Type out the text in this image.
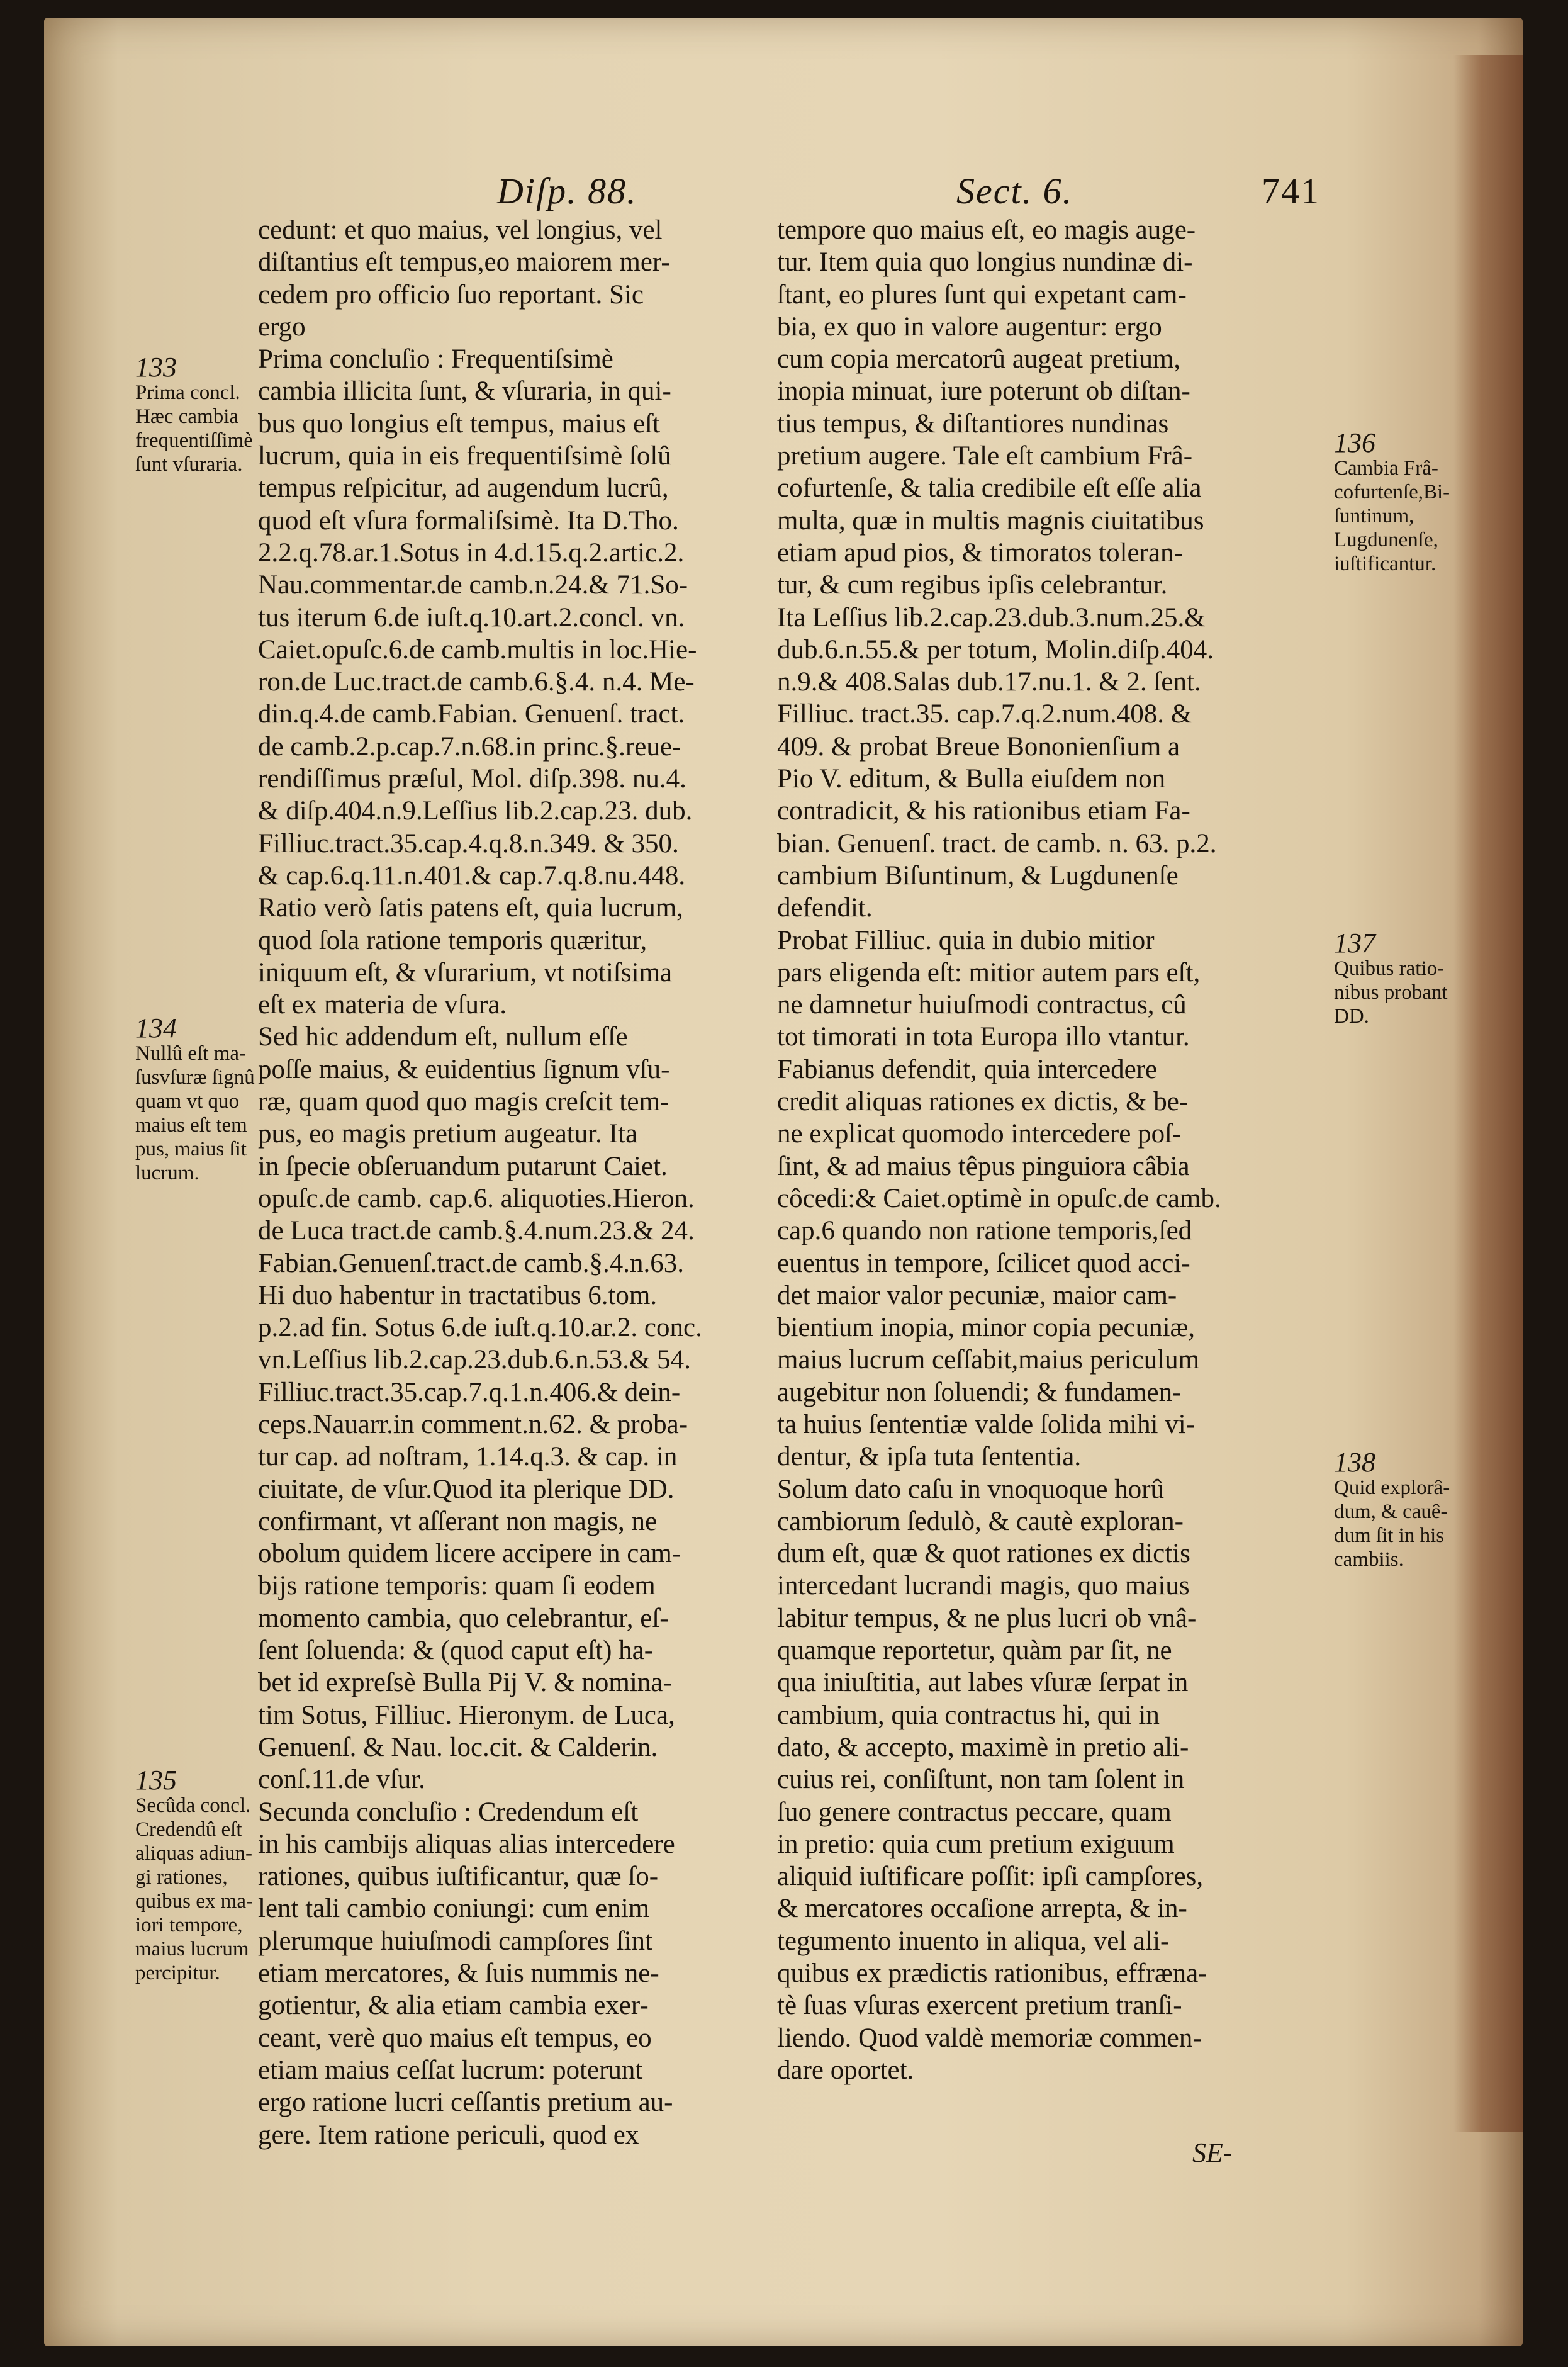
Diſp. 88.	Sect. 6.	741
cedunt: et quo maius, vel longius, vel
diſtantius eſt tempus,eo maiorem mer-
cedem pro officio ſuo reportant. Sic
ergo
Prima concluſio : Frequentiſsimè
cambia illicita ſunt, & vſuraria, in qui-
bus quo longius eſt tempus, maius eſt
lucrum, quia in eis frequentiſsimè ſolû
tempus reſpicitur, ad augendum lucrû,
quod eſt vſura formaliſsimè. Ita D.Tho.
2.2.q.78.ar.1.Sotus in 4.d.15.q.2.artic.2.
Nau.commentar.de camb.n.24.& 71.So-
tus iterum 6.de iuſt.q.10.art.2.concl. vn.
Caiet.opuſc.6.de camb.multis in loc.Hie-
ron.de Luc.tract.de camb.6.§.4. n.4. Me-
din.q.4.de camb.Fabian. Genuenſ. tract.
de camb.2.p.cap.7.n.68.in princ.§.reue-
rendiſſimus præſul, Mol. diſp.398. nu.4.
& diſp.404.n.9.Leſſius lib.2.cap.23. dub.
Filliuc.tract.35.cap.4.q.8.n.349. & 350.
& cap.6.q.11.n.401.& cap.7.q.8.nu.448.
Ratio verò ſatis patens eſt, quia lucrum,
quod ſola ratione temporis quæritur,
iniquum eſt, & vſurarium, vt notiſsima
eſt ex materia de vſura.
Sed hic addendum eſt, nullum eſſe
poſſe maius, & euidentius ſignum vſu-
ræ, quam quod quo magis creſcit tem-
pus, eo magis pretium augeatur. Ita
in ſpecie obſeruandum putarunt Caiet.
opuſc.de camb. cap.6. aliquoties.Hieron.
de Luca tract.de camb.§.4.num.23.& 24.
Fabian.Genuenſ.tract.de camb.§.4.n.63.
Hi duo habentur in tractatibus 6.tom.
p.2.ad fin. Sotus 6.de iuſt.q.10.ar.2. conc.
vn.Leſſius lib.2.cap.23.dub.6.n.53.& 54.
Filliuc.tract.35.cap.7.q.1.n.406.& dein-
ceps.Nauarr.in comment.n.62. & proba-
tur cap. ad noſtram, 1.14.q.3. & cap. in
ciuitate, de vſur.Quod ita plerique DD.
confirmant, vt aſſerant non magis, ne
obolum quidem licere accipere in cam-
bijs ratione temporis: quam ſi eodem
momento cambia, quo celebrantur, eſ-
ſent ſoluenda: & (quod caput eſt) ha-
bet id expreſsè Bulla Pij V. & nomina-
tim Sotus, Filliuc. Hieronym. de Luca,
Genuenſ. & Nau. loc.cit. & Calderin.
conſ.11.de vſur.
Secunda concluſio : Credendum eſt
in his cambijs aliquas alias intercedere
rationes, quibus iuſtificantur, quæ ſo-
lent tali cambio coniungi: cum enim
plerumque huiuſmodi campſores ſint
etiam mercatores, & ſuis nummis ne-
gotientur, & alia etiam cambia exer-
ceant, verè quo maius eſt tempus, eo
etiam maius ceſſat lucrum: poterunt
ergo ratione lucri ceſſantis pretium au-
gere. Item ratione periculi, quod ex
tempore quo maius eſt, eo magis auge-
tur. Item quia quo longius nundinæ di-
ſtant, eo plures ſunt qui expetant cam-
bia, ex quo in valore augentur: ergo
cum copia mercatorû augeat pretium,
inopia minuat, iure poterunt ob diſtan-
tius tempus, & diſtantiores nundinas
pretium augere. Tale eſt cambium Frâ-
cofurtenſe, & talia credibile eſt eſſe alia
multa, quæ in multis magnis ciuitatibus
etiam apud pios, & timoratos toleran-
tur, & cum regibus ipſis celebrantur.
Ita Leſſius lib.2.cap.23.dub.3.num.25.&
dub.6.n.55.& per totum, Molin.diſp.404.
n.9.& 408.Salas dub.17.nu.1. & 2. ſent.
Filliuc. tract.35. cap.7.q.2.num.408. &
409. & probat Breue Bononienſium a
Pio V. editum, & Bulla eiuſdem non
contradicit, & his rationibus etiam Fa-
bian. Genuenſ. tract. de camb. n. 63. p.2.
cambium Biſuntinum, & Lugdunenſe
defendit.
Probat Filliuc. quia in dubio mitior
pars eligenda eſt: mitior autem pars eſt,
ne damnetur huiuſmodi contractus, cû
tot timorati in tota Europa illo vtantur.
Fabianus defendit, quia intercedere
credit aliquas rationes ex dictis, & be-
ne explicat quomodo intercedere poſ-
ſint, & ad maius têpus pinguiora câbia
côcedi:& Caiet.optimè in opuſc.de camb.
cap.6 quando non ratione temporis,ſed
euentus in tempore, ſcilicet quod acci-
det maior valor pecuniæ, maior cam-
bientium inopia, minor copia pecuniæ,
maius lucrum ceſſabit,maius periculum
augebitur non ſoluendi; & fundamen-
ta huius ſententiæ valde ſolida mihi vi-
dentur, & ipſa tuta ſententia.
Solum dato caſu in vnoquoque horû
cambiorum ſedulò, & cautè exploran-
dum eſt, quæ & quot rationes ex dictis
intercedant lucrandi magis, quo maius
labitur tempus, & ne plus lucri ob vnâ-
quamque reportetur, quàm par ſit, ne
qua iniuſtitia, aut labes vſuræ ſerpat in
cambium, quia contractus hi, qui in
dato, & accepto, maximè in pretio ali-
cuius rei, conſiſtunt, non tam ſolent in
ſuo genere contractus peccare, quam
in pretio: quia cum pretium exiguum
aliquid iuſtificare poſſit: ipſi campſores,
& mercatores occaſione arrepta, & in-
tegumento inuento in aliqua, vel ali-
quibus ex prædictis rationibus, effrænа-
tè ſuas vſuras exercent pretium tranſi-
liendo. Quod valdè memoriæ commen-
dare oportet.
133
Prima concl.
Hæc cambia
frequentiſſimè
ſunt vſuraria.
134
Nullû eſt ma-
ſusvſuræ ſignû
quam vt quo
maius eſt tem
pus, maius ſit
lucrum.
135
Secûda concl.
Credendû eſt
aliquas adiun-
gi rationes,
quibus ex ma-
iori tempore,
maius lucrum
percipitur.
136
Cambia Frâ-
cofurtenſe,Bi-
ſuntinum,
Lugdunenſe,
iuſtificantur.
137
Quibus ratio-
nibus probant
DD.
138
Quid explorâ-
dum, & cauê-
dum ſit in his
cambiis.
SE-
